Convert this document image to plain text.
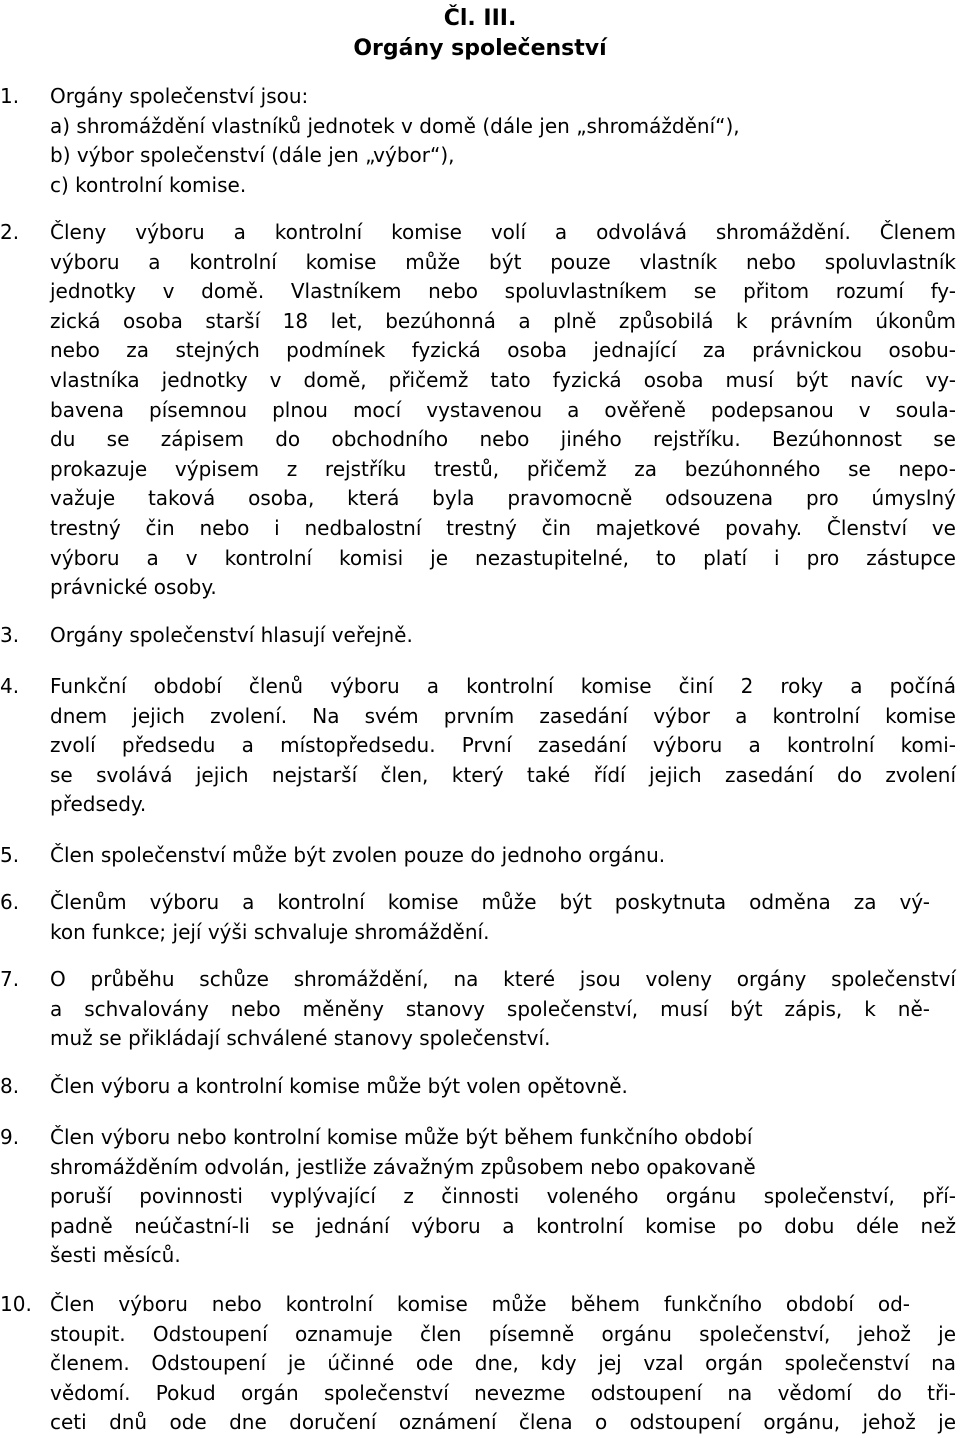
Čl. III.
Orgány společenství
1.	Orgány společenství jsou:
a) shromáždění vlastníků jednotek v domě (dále jen „shromáždění“),
b) výbor společenství (dále jen „výbor“),
c) kontrolní komise.
2.	Členy výboru a kontrolní komise volí a odvolává shromáždění. Členem
výboru a kontrolní komise může být pouze vlastník nebo spoluvlastník
jednotky v domě. Vlastníkem nebo spoluvlastníkem se přitom rozumí fy-
zická osoba starší 18 let, bezúhonná a plně způsobilá k právním úkonům
nebo za stejných podmínek fyzická osoba jednající za právnickou osobu-
vlastníka jednotky v domě, přičemž tato fyzická osoba musí být navíc vy-
bavena písemnou plnou mocí vystavenou a ověřeně podepsanou v soula-
du se zápisem do obchodního nebo jiného rejstříku. Bezúhonnost se
prokazuje výpisem z rejstříku trestů, přičemž za bezúhonného se nepo-
važuje taková osoba, která byla pravomocně odsouzena pro úmyslný
trestný čin nebo i nedbalostní trestný čin majetkové povahy. Členství ve
výboru a v kontrolní komisi je nezastupitelné, to platí i pro zástupce
právnické osoby.
3.	Orgány společenství hlasují veřejně.
4.	Funkční období členů výboru a kontrolní komise činí 2 roky a počíná
dnem jejich zvolení. Na svém prvním zasedání výbor a kontrolní komise
zvolí předsedu a místopředsedu. První zasedání výboru a kontrolní komi-
se svolává jejich nejstarší člen, který také řídí jejich zasedání do zvolení
předsedy.
5.	Člen společenství může být zvolen pouze do jednoho orgánu.
6.	Členům výboru a kontrolní komise může být poskytnuta odměna za vý-
kon funkce; její výši schvaluje shromáždění.
7.	O průběhu schůze shromáždění, na které jsou voleny orgány společenství
a schvalovány nebo měněny stanovy společenství, musí být zápis, k ně-
muž se přikládají schválené stanovy společenství.
8.	Člen výboru a kontrolní komise může být volen opětovně.
9.	Člen výboru nebo kontrolní komise může být během funkčního období
shromážděním odvolán, jestliže závažným způsobem nebo opakovaně
poruší povinnosti vyplývající z činnosti voleného orgánu společenství, pří-
padně neúčastní-li se jednání výboru a kontrolní komise po dobu déle než
šesti měsíců.
10. Člen výboru nebo kontrolní komise může během funkčního období od-
stoupit. Odstoupení oznamuje člen písemně orgánu společenství, jehož je
členem. Odstoupení je účinné ode dne, kdy jej vzal orgán společenství na
vědomí. Pokud orgán společenství nevezme odstoupení na vědomí do tři-
ceti dnů ode dne doručení oznámení člena o odstoupení orgánu, jehož je
